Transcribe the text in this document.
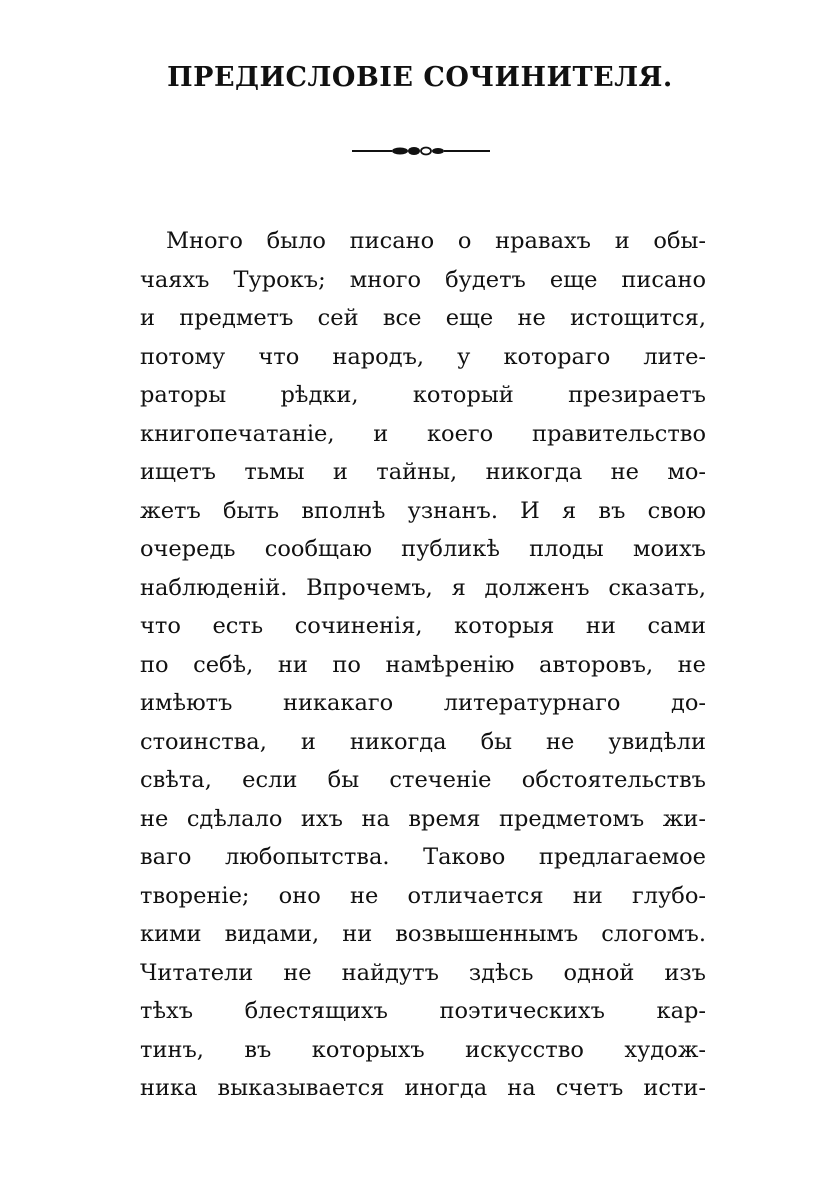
ПРЕДИСЛОВІЕ СОЧИНИТЕЛЯ.
Много было писано о нравахъ и обы-
чаяхъ Турокъ; много будетъ еще писано
и предметъ сей все еще не истощится,
потому что народъ, у котораго лите-
раторы рѣдки, который презираетъ
книгопечатаніе, и коего правительство
ищетъ тьмы и тайны, никогда не мо-
жетъ быть вполнѣ узнанъ. И я въ свою
очередь сообщаю публикѣ плоды моихъ
наблюденій. Впрочемъ, я долженъ сказать,
что есть сочиненія, которыя ни сами
по себѣ, ни по намѣренію авторовъ, не
имѣютъ никакаго литературнаго до-
стоинства, и никогда бы не увидѣли
свѣта, если бы стеченіе обстоятельствъ
не сдѣлало ихъ на время предметомъ жи-
ваго любопытства. Таково предлагаемое
твореніе; оно не отличается ни глубо-
кими видами, ни возвышеннымъ слогомъ.
Читатели не найдутъ здѣсь одной изъ
тѣхъ блестящихъ поэтическихъ кар-
тинъ, въ которыхъ искусство худож-
ника выказывается иногда на счетъ исти-
